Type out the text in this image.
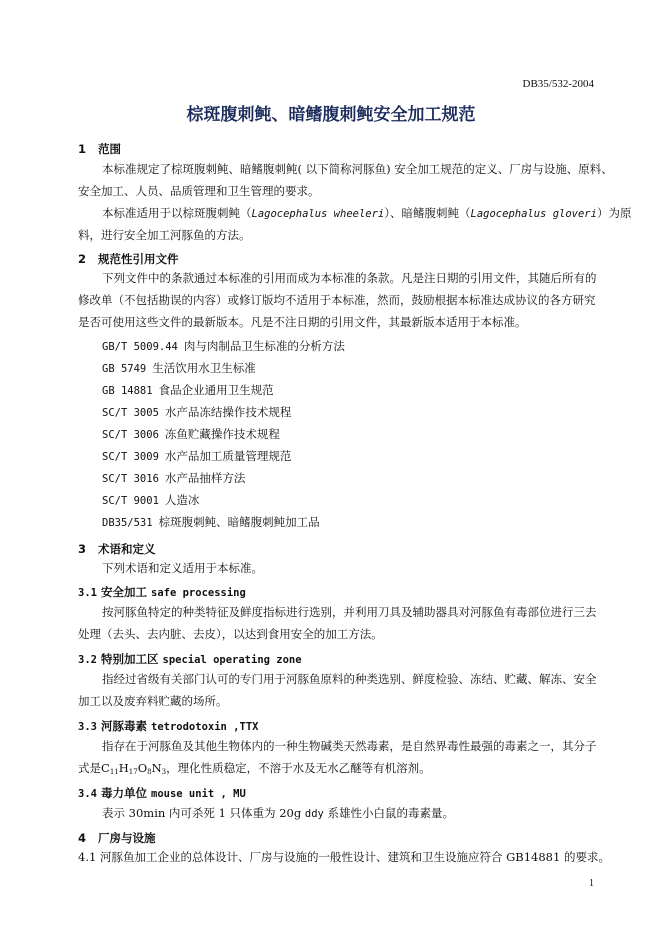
DB35/532-2004
棕斑腹刺鲀、暗鳍腹刺鲀安全加工规范
1 范围
本标准规定了棕斑腹刺鲀、暗鳍腹刺鲀( 以下简称河豚鱼) 安全加工规范的定义、厂房与设施、原料、
安全加工、人员、品质管理和卫生管理的要求。
本标准适用于以棕斑腹刺鲀（Lagocephalus wheeleri）、暗鳍腹刺鲀（Lagocephalus gloveri）为原
料，进行安全加工河豚鱼的方法。
2 规范性引用文件
下列文件中的条款通过本标准的引用而成为本标准的条款。凡是注日期的引用文件，其随后所有的
修改单（不包括勘误的内容）或修订版均不适用于本标准，然而，鼓励根据本标准达成协议的各方研究
是否可使用这些文件的最新版本。凡是不注日期的引用文件，其最新版本适用于本标准。
GB/T 5009.44 肉与肉制品卫生标准的分析方法
GB 5749 生活饮用水卫生标准
GB 14881 食品企业通用卫生规范
SC/T 3005 水产品冻结操作技术规程
SC/T 3006 冻鱼贮藏操作技术规程
SC/T 3009 水产品加工质量管理规范
SC/T 3016 水产品抽样方法
SC/T 9001 人造冰
DB35/531 棕斑腹刺鲀、暗鳍腹刺鲀加工品
3 术语和定义
下列术语和定义适用于本标准。
3.1 安全加工 safe processing
按河豚鱼特定的种类特征及鲜度指标进行选别，并利用刀具及辅助器具对河豚鱼有毒部位进行三去
处理（去头、去内脏、去皮），以达到食用安全的加工方法。
3.2 特别加工区 special operating zone
指经过省级有关部门认可的专门用于河豚鱼原料的种类选别、鲜度检验、冻结、贮藏、解冻、安全
加工以及废弃料贮藏的场所。
3.3 河豚毒素 tetrodotoxin ,TTX
指存在于河豚鱼及其他生物体内的一种生物碱类天然毒素，是自然界毒性最强的毒素之一，其分子
式是$C_{11}H_{17}O_8N_3$，理化性质稳定，不溶于水及无水乙醚等有机溶剂。
3.4 毒力单位 mouse unit , MU
表示 30min 内可杀死 1 只体重为 20g ddy 系雄性小白鼠的毒素量。
4 厂房与设施
4.1 河豚鱼加工企业的总体设计、厂房与设施的一般性设计、建筑和卫生设施应符合 GB14881 的要求。
1
